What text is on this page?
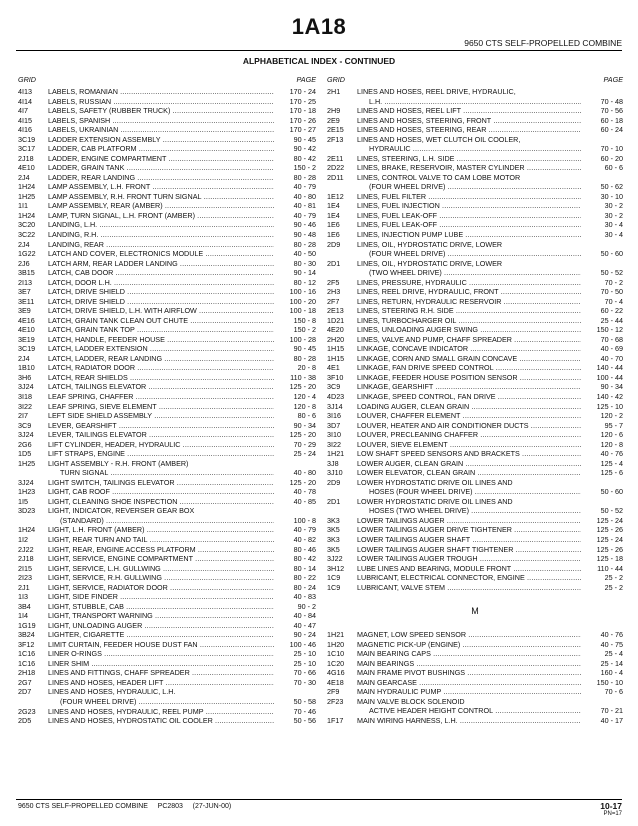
1A18
9650 CTS SELF-PROPELLED COMBINE
ALPHABETICAL INDEX - CONTINUED
GRID	PAGE
4I13	LABELS, ROMANIAN .....	170 - 24
4I14	LABELS, RUSSIAN .....	170 - 25
4I7	LABELS, SAFETY (RUBBER TRUCK) .....	170 - 18
4I15	LABELS, SPANISH .....	170 - 26
4I16	LABELS, UKRAINIAN .....	170 - 27
3C19	LADDER EXTENSION ASSEMBLY .....	90 - 45
3C17	LADDER, CAB PLATFORM .....	90 - 42
2J18	LADDER, ENGINE COMPARTMENT .....	80 - 42
4E10	LADDER, GRAIN TANK .....	150 - 2
2J4	LADDER, REAR LANDING .....	80 - 28
1H24	LAMP ASSEMBLY, L.H. FRONT .....	40 - 79
1H25	LAMP ASSEMBLY, R.H. FRONT TURN SIGNAL .....	40 - 80
1I1	LAMP ASSEMBLY, REAR (AMBER) .....	40 - 81
1H24	LAMP, TURN SIGNAL, L.H. FRONT (AMBER) .....	40 - 79
3C20	LANDING, L.H. .....	90 - 46
3C22	LANDING, R.H. .....	90 - 48
2J4	LANDING, REAR .....	80 - 28
1G22	LATCH AND COVER, ELECTRONICS MODULE .....	40 - 50
2J6	LATCH ARM, REAR LADDER LANDING .....	80 - 30
3B15	LATCH, CAB DOOR .....	90 - 14
2I13	LATCH, DOOR L.H. .....	80 - 12
3E7	LATCH, DRIVE SHIELD .....	100 - 16
3E11	LATCH, DRIVE SHIELD .....	100 - 20
3E9	LATCH, DRIVE SHIELD, L.H. WITH AIRFLOW .....	100 - 18
4E16	LATCH, GRAIN TANK CLEAN OUT CHUTE .....	150 - 8
4E10	LATCH, GRAIN TANK TOP .....	150 - 2
3E19	LATCH, HANDLE, FEEDER HOUSE .....	100 - 28
3C19	LATCH, LADDER EXTENSION .....	90 - 45
2J4	LATCH, LADDER, REAR LANDING .....	80 - 28
1B10	LATCH, RADIATOR DOOR .....	20 - 8
3H6	LATCH, REAR SHIELDS .....	110 - 38
3J24	LATCH, TAILINGS ELEVATOR .....	125 - 20
3I18	LEAF SPRING, CHAFFER .....	120 - 4
3I22	LEAF SPRING, SIEVE ELEMENT .....	120 - 8
2I7	LEFT SIDE SHIELD ASSEMBLY .....	80 - 6
3C9	LEVER, GEARSHIFT .....	90 - 34
3J24	LEVER, TAILINGS ELEVATOR .....	125 - 20
2G6	LIFT CYLINDER, HEADER, HYDRAULIC .....	70 - 29
1D5	LIFT STRAPS, ENGINE .....	25 - 24
1H25	LIGHT ASSEMBLY - R.H. FRONT (AMBER)
TURN SIGNAL .....	40 - 80
3J24	LIGHT SWITCH, TAILINGS ELEVATOR .....	125 - 20
1H23	LIGHT, CAB ROOF .....	40 - 78
1I5	LIGHT, CLEANING SHOE INSPECTION .....	40 - 85
3D23	LIGHT, INDICATOR, REVERSER GEAR BOX
(STANDARD) .....	100 - 8
1H24	LIGHT, L.H. FRONT (AMBER) .....	40 - 79
1I2	LIGHT, REAR TURN AND TAIL .....	40 - 82
2J22	LIGHT, REAR, ENGINE ACCESS PLATFORM .....	80 - 46
2J18	LIGHT, SERVICE, ENGINE COMPARTMENT .....	80 - 42
2I15	LIGHT, SERVICE, L.H. GULLWING .....	80 - 14
2I23	LIGHT, SERVICE, R.H. GULLWING .....	80 - 22
2J1	LIGHT, SERVICE, RADIATOR DOOR .....	80 - 24
1I3	LIGHT, SIDE FINDER .....	40 - 83
3B4	LIGHT, STUBBLE, CAB .....	90 - 2
1I4	LIGHT, TRANSPORT WARNING .....	40 - 84
1G19	LIGHT, UNLOADING AUGER .....	40 - 47
3B24	LIGHTER, CIGARETTE .....	90 - 24
3F12	LIMIT CURTAIN, FEEDER HOUSE DUST FAN .....	100 - 46
1C16	LINER O-RINGS .....	25 - 10
1C16	LINER SHIM .....	25 - 10
2H18	LINES AND FITTINGS, CHAFF SPREADER .....	70 - 66
2G7	LINES AND HOSES, HEADER LIFT .....	70 - 30
2D7	LINES AND HOSES, HYDRAULIC, L.H.
(FOUR WHEEL DRIVE) .....	50 - 58
2G23	LINES AND HOSES, HYDRAULIC, REEL PUMP .....	70 - 46
2D5	LINES AND HOSES, HYDROSTATIC OIL COOLER .....	50 - 56
GRID	PAGE
2H1	LINES AND HOSES, REEL DRIVE, HYDRAULIC,
L.H. .....	70 - 48
2H9	LINES AND HOSES, REEL LIFT .....	70 - 56
2E9	LINES AND HOSES, STEERING, FRONT .....	60 - 18
2E15	LINES AND HOSES, STEERING, REAR .....	60 - 24
2F13	LINES AND HOSES, WET CLUTCH OIL COOLER,
HYDRAULIC .....	70 - 10
2E11	LINES, STEERING, L.H. SIDE .....	60 - 20
2D22	LINES, BRAKE, RESERVOIR, MASTER CYLINDER .....	60 - 6
2D11	LINES, CONTROL VALVE TO CAM LOBE MOTOR
(FOUR WHEEL DRIVE) .....	50 - 62
1E12	LINES, FUEL FILTER .....	30 - 10
1E4	LINES, FUEL INJECTION .....	30 - 2
1E4	LINES, FUEL LEAK-OFF .....	30 - 2
1E6	LINES, FUEL LEAK-OFF .....	30 - 4
1E6	LINES, INJECTION PUMP LUBE .....	30 - 4
2D9	LINES, OIL, HYDROSTATIC DRIVE, LOWER
(FOUR WHEEL DRIVE) .....	50 - 60
2D1	LINES, OIL, HYDROSTATIC DRIVE, LOWER
(TWO WHEEL DRIVE) .....	50 - 52
2F5	LINES, PRESSURE, HYDRAULIC .....	70 - 2
2H3	LINES, REEL DRIVE, HYDRAULIC, FRONT .....	70 - 50
2F7	LINES, RETURN, HYDRAULIC RESERVOIR .....	70 - 4
2E13	LINES, STEERING R.H. SIDE .....	60 - 22
1D21	LINES, TURBOCHARGER OIL .....	25 - 44
4E20	LINES, UNLOADING AUGER SWING .....	150 - 12
2H20	LINES, VALVE AND PUMP, CHAFF SPREADER .....	70 - 68
1H15	LINKAGE, CONCAVE INDICATOR .....	40 - 69
1H15	LINKAGE, CORN AND SMALL GRAIN CONCAVE .....	40 - 70
4E1	LINKAGE, FAN DRIVE SPEED CONTROL .....	140 - 44
3F10	LINKAGE, FEEDER HOUSE POSITION SENSOR .....	100 - 44
3C9	LINKAGE, GEARSHIFT .....	90 - 34
4D23	LINKAGE, SPEED CONTROL, FAN DRIVE .....	140 - 42
3J14	LOADING AUGER, CLEAN GRAIN .....	125 - 10
3I16	LOUVER, CHAFFER ELEMENT .....	120 - 2
3D7	LOUVER, HEATER AND AIR CONDITIONER DUCTS .....	95 - 7
3I10	LOUVER, PRECLEANING CHAFFER .....	120 - 6
3I22	LOUVER, SIEVE ELEMENT .....	120 - 8
1H21	LOW SHAFT SPEED SENSORS AND BRACKETS .....	40 - 76
3J8	LOWER AUGER, CLEAN GRAIN .....	125 - 4
3J10	LOWER ELEVATOR, CLEAN GRAIN .....	125 - 6
2D9	LOWER HYDROSTATIC DRIVE OIL LINES AND
HOSES (FOUR WHEEL DRIVE) .....	50 - 60
2D1	LOWER HYDROSTATIC DRIVE OIL LINES AND
HOSES (TWO WHEEL DRIVE) .....	50 - 52
3K3	LOWER TAILINGS AUGER .....	125 - 24
3K5	LOWER TAILINGS AUGER DRIVE TIGHTENER .....	125 - 26
3K3	LOWER TAILINGS AUGER SHAFT .....	125 - 24
3K5	LOWER TAILINGS AUGER SHAFT TIGHTENER .....	125 - 26
3J22	LOWER TAILINGS AUGER TROUGH .....	125 - 18
3H12	LUBE LINES AND BEARING, MODULE FRONT .....	110 - 44
1C9	LUBRICANT, ELECTRICAL CONNECTOR, ENGINE .....	25 - 2
1C9	LUBRICANT, VALVE STEM .....	25 - 2
M
1H21	MAGNET, LOW SPEED SENSOR .....	40 - 76
1H20	MAGNETIC PICK-UP (ENGINE) .....	40 - 75
1C10	MAIN BEARING CAPS .....	25 - 4
1C20	MAIN BEARINGS .....	25 - 14
4G16	MAIN FRAME PIVOT BUSHINGS .....	160 - 4
4E18	MAIN GEARCASE .....	150 - 10
2F9	MAIN HYDRAULIC PUMP .....	70 - 6
2F23	MAIN VALVE BLOCK SOLENOID
ACTIVE HEADER HEIGHT CONTROL .....	70 - 21
1F17	MAIN WIRING HARNESS, L.H. .....	40 - 17
9650 CTS SELF-PROPELLED COMBINE     PC2803     (27-JUN-00)	10-17
PN=17
